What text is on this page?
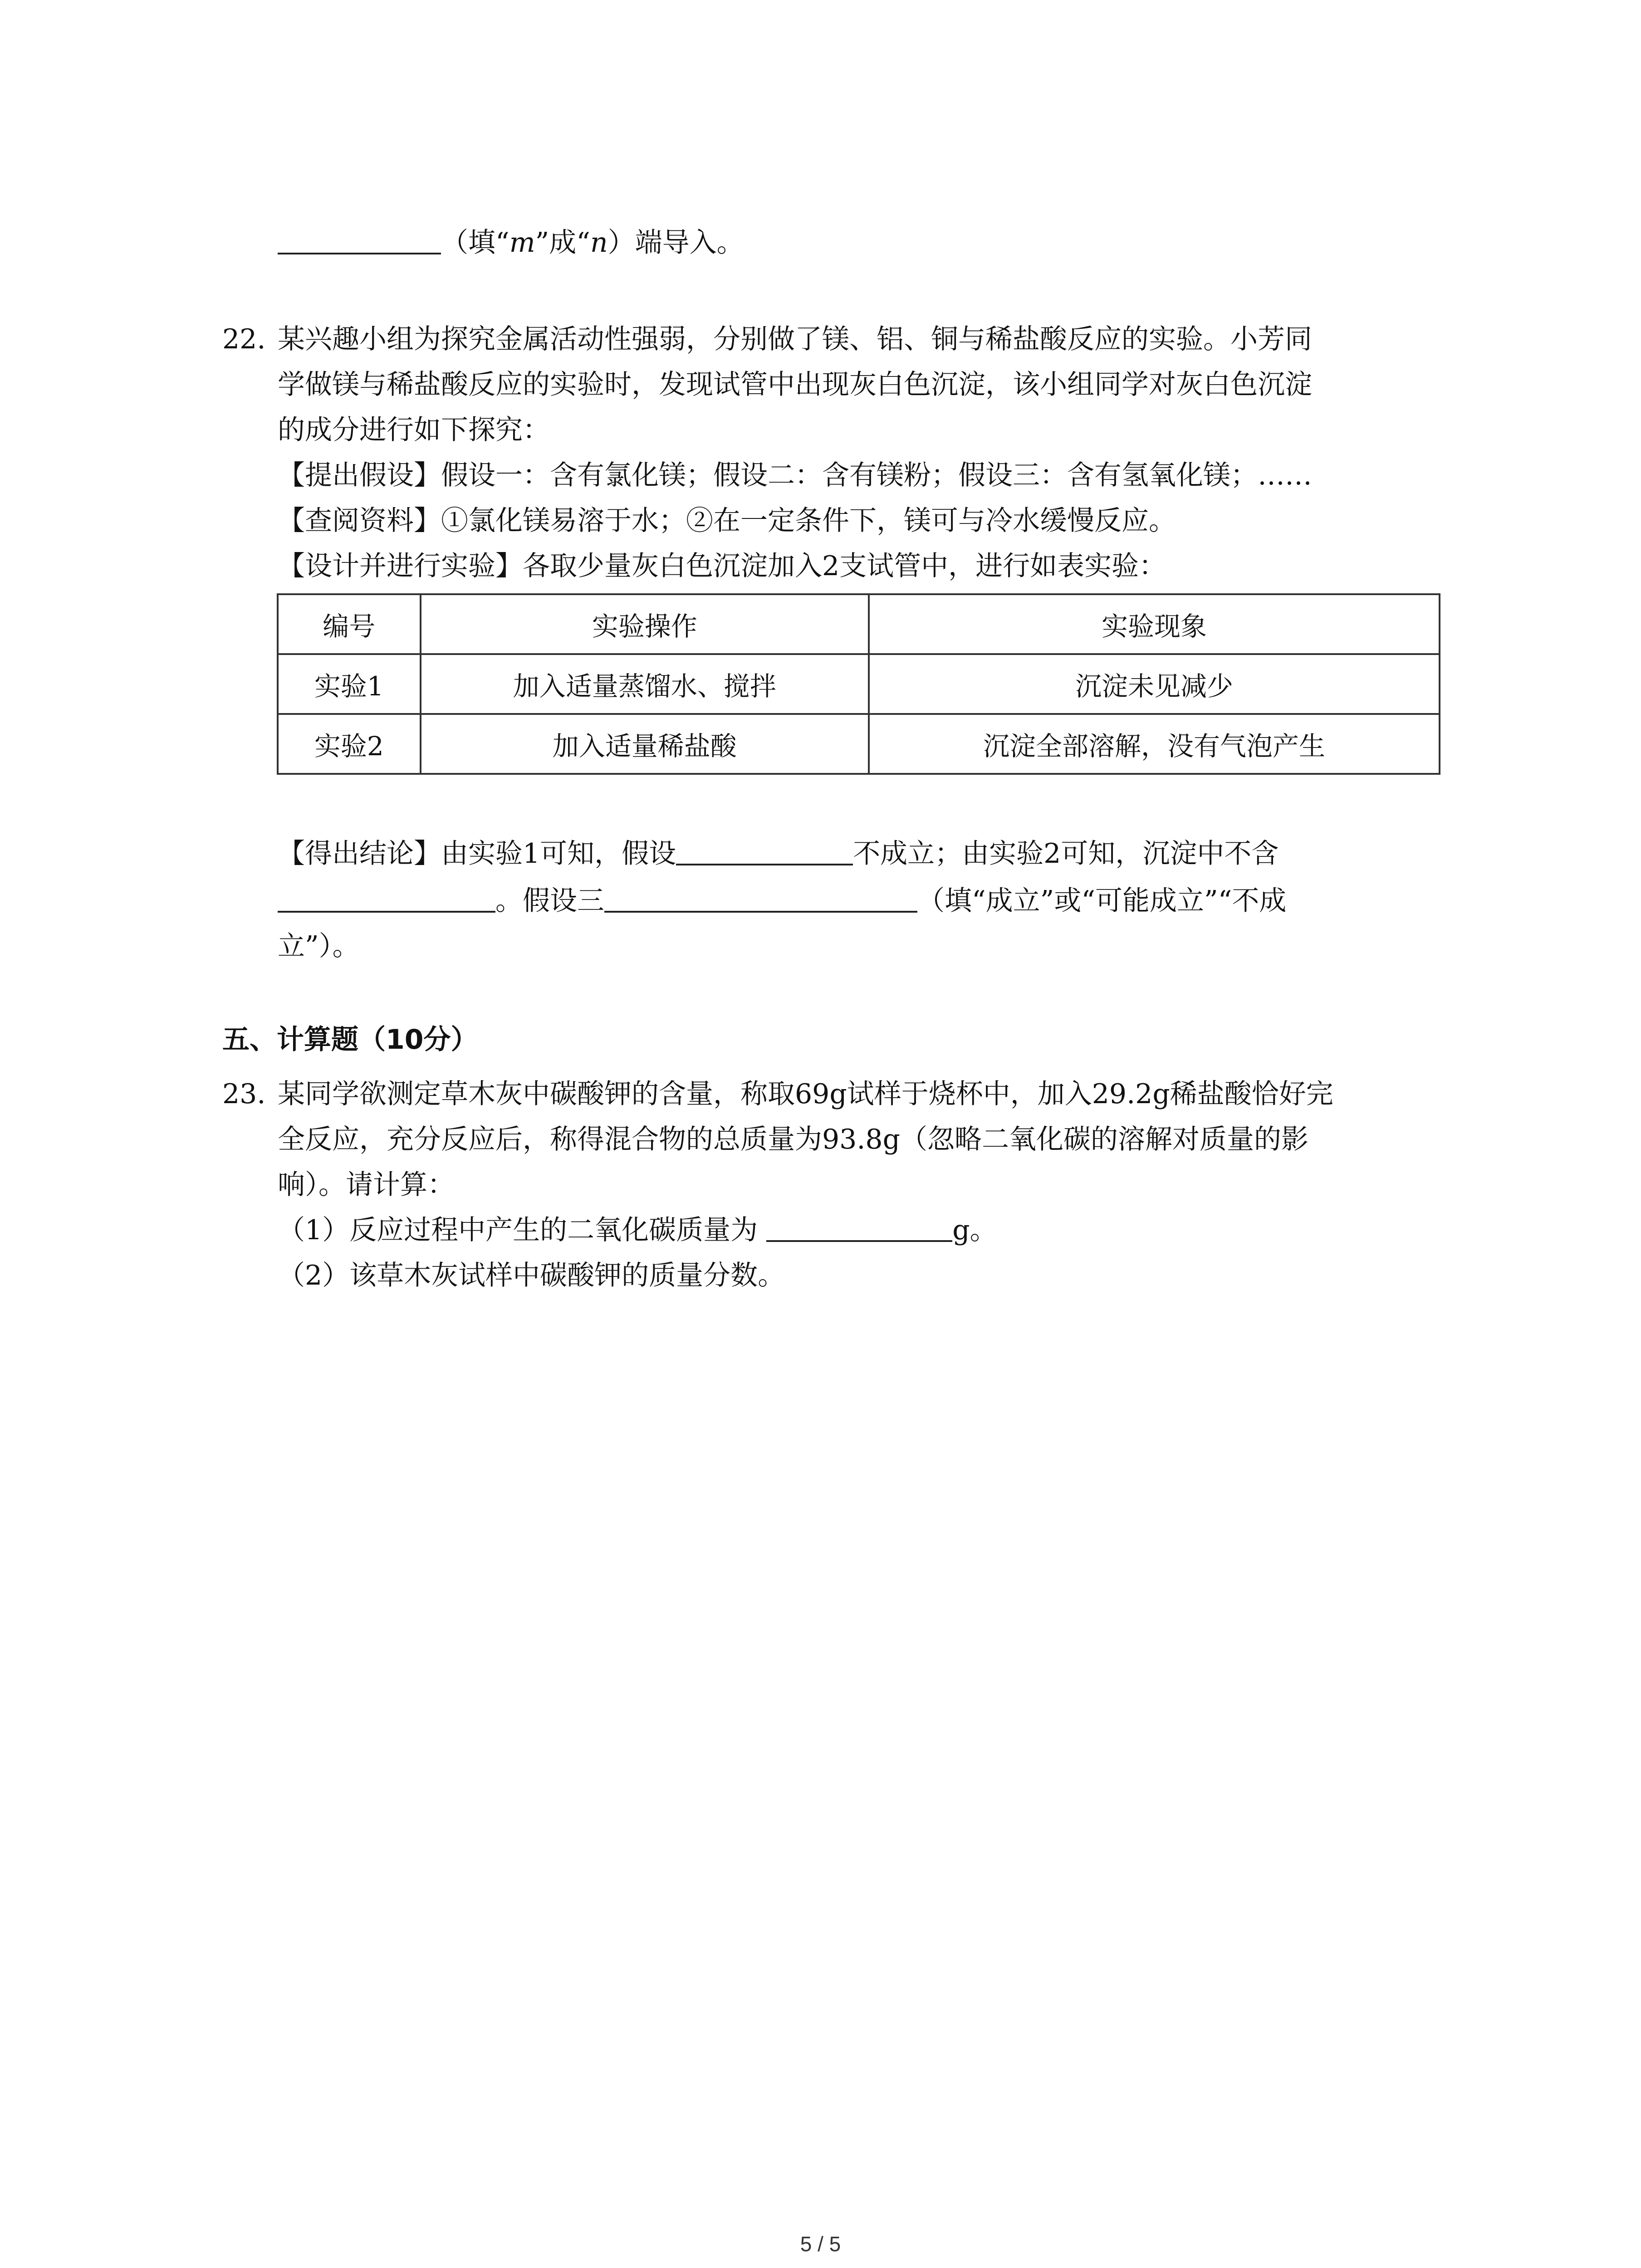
（填“m”成“n）端导入。
22. 某兴趣小组为探究金属活动性强弱，分别做了镁、铝、铜与稀盐酸反应的实验。小芳同
学做镁与稀盐酸反应的实验时，发现试管中出现灰白色沉淀，该小组同学对灰白色沉淀
的成分进行如下探究：
【提出假设】假设一：含有氯化镁；假设二：含有镁粉；假设三：含有氢氧化镁；……
【查阅资料】①氯化镁易溶于水；②在一定条件下，镁可与冷水缓慢反应。
【设计并进行实验】各取少量灰白色沉淀加入2支试管中，进行如表实验：
编号	实验操作	实验现象
实验1	加入适量蒸馏水、搅拌	沉淀未见减少
实验2	加入适量稀盐酸	沉淀全部溶解，没有气泡产生
【得出结论】由实验1可知，假设	不成立；由实验2可知，沉淀中不含
。假设三	（填“成立”或“可能成立”“不成
立”）。
五、计算题（10分）
23. 某同学欲测定草木灰中碳酸钾的含量，称取69g试样于烧杯中，加入29.2g稀盐酸恰好完
全反应，充分反应后，称得混合物的总质量为93.8g（忽略二氧化碳的溶解对质量的影
响）。请计算：
（1）反应过程中产生的二氧化碳质量为	g。
（2）该草木灰试样中碳酸钾的质量分数。
5 / 5
